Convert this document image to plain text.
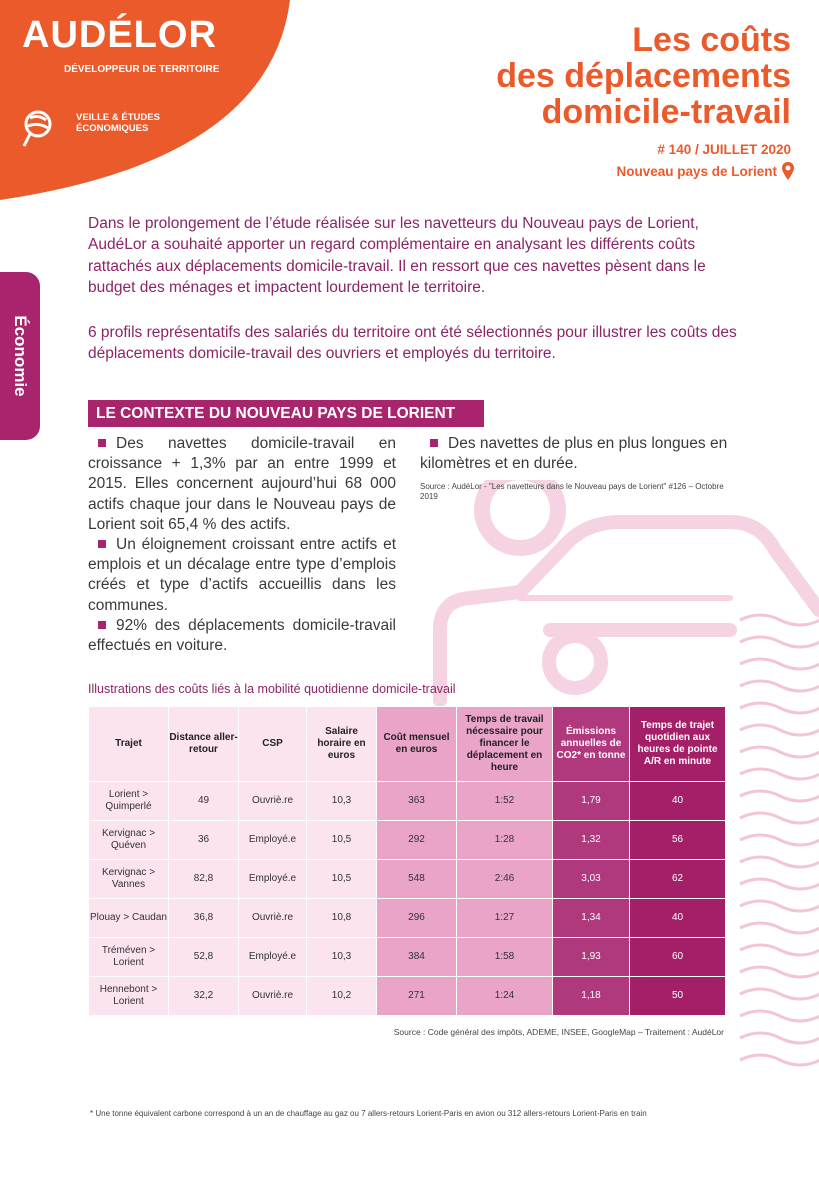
AUDÉLOR
DÉVELOPPEUR DE TERRITOIRE
VEILLE & ÉTUDES ÉCONOMIQUES
Les coûts
des déplacements
domicile-travail
# 140 / JUILLET 2020
Nouveau pays de Lorient
Économie

Dans le prolongement de l’étude réalisée sur les navetteurs du Nouveau pays de Lorient, AudéLor a souhaité apporter un regard complémentaire en analysant les différents coûts rattachés aux déplacements domicile-travail. Il en ressort que ces navettes pèsent dans le budget des ménages et impactent lourdement le territoire.

6 profils représentatifs des salariés du territoire ont été sélectionnés pour illustrer les coûts des déplacements domicile-travail des ouvriers et employés du territoire.

LE CONTEXTE DU NOUVEAU PAYS DE LORIENT

Des navettes domicile-travail en croissance + 1,3% par an entre 1999 et 2015. Elles concernent aujourd’hui 68 000 actifs chaque jour dans le Nouveau pays de Lorient soit 65,4 % des actifs.

Un éloignement croissant entre actifs et emplois et un décalage entre type d’emplois créés et type d’actifs accueillis dans les communes.

92% des déplacements domicile-travail effectués en voiture.

Des navettes de plus en plus longues en kilomètres et en durée.

Source : AudéLor - "Les navetteurs dans le Nouveau pays de Lorient" #126 – Octobre 2019
Illustrations des coûts liés à la mobilité quotidienne domicile-travail
Trajet	Distance aller-retour	CSP	Salaire horaire en euros	Coût mensuel en euros	Temps de travail nécessaire pour financer le déplacement en heure	Émissions annuelles de CO2* en tonne	Temps de trajet quotidien aux heures de pointe A/R en minute
Lorient > Quimperlé	49	Ouvriè.re	10,3	363	1:52	1,79	40
Kervignac > Quéven	36	Employé.e	10,5	292	1:28	1,32	56
Kervignac > Vannes	82,8	Employé.e	10,5	548	2:46	3,03	62
Plouay > Caudan	36,8	Ouvriè.re	10,8	296	1:27	1,34	40
Tréméven > Lorient	52,8	Employé.e	10,3	384	1:58	1,93	60
Hennebont > Lorient	32,2	Ouvriè.re	10,2	271	1:24	1,18	50
Source : Code général des impôts, ADEME, INSEE, GoogleMap – Traitement : AudéLor
* Une tonne équivalent carbone correspond à un an de chauffage au gaz ou 7 allers-retours Lorient-Paris en avion ou 312 allers-retours Lorient-Paris en train
